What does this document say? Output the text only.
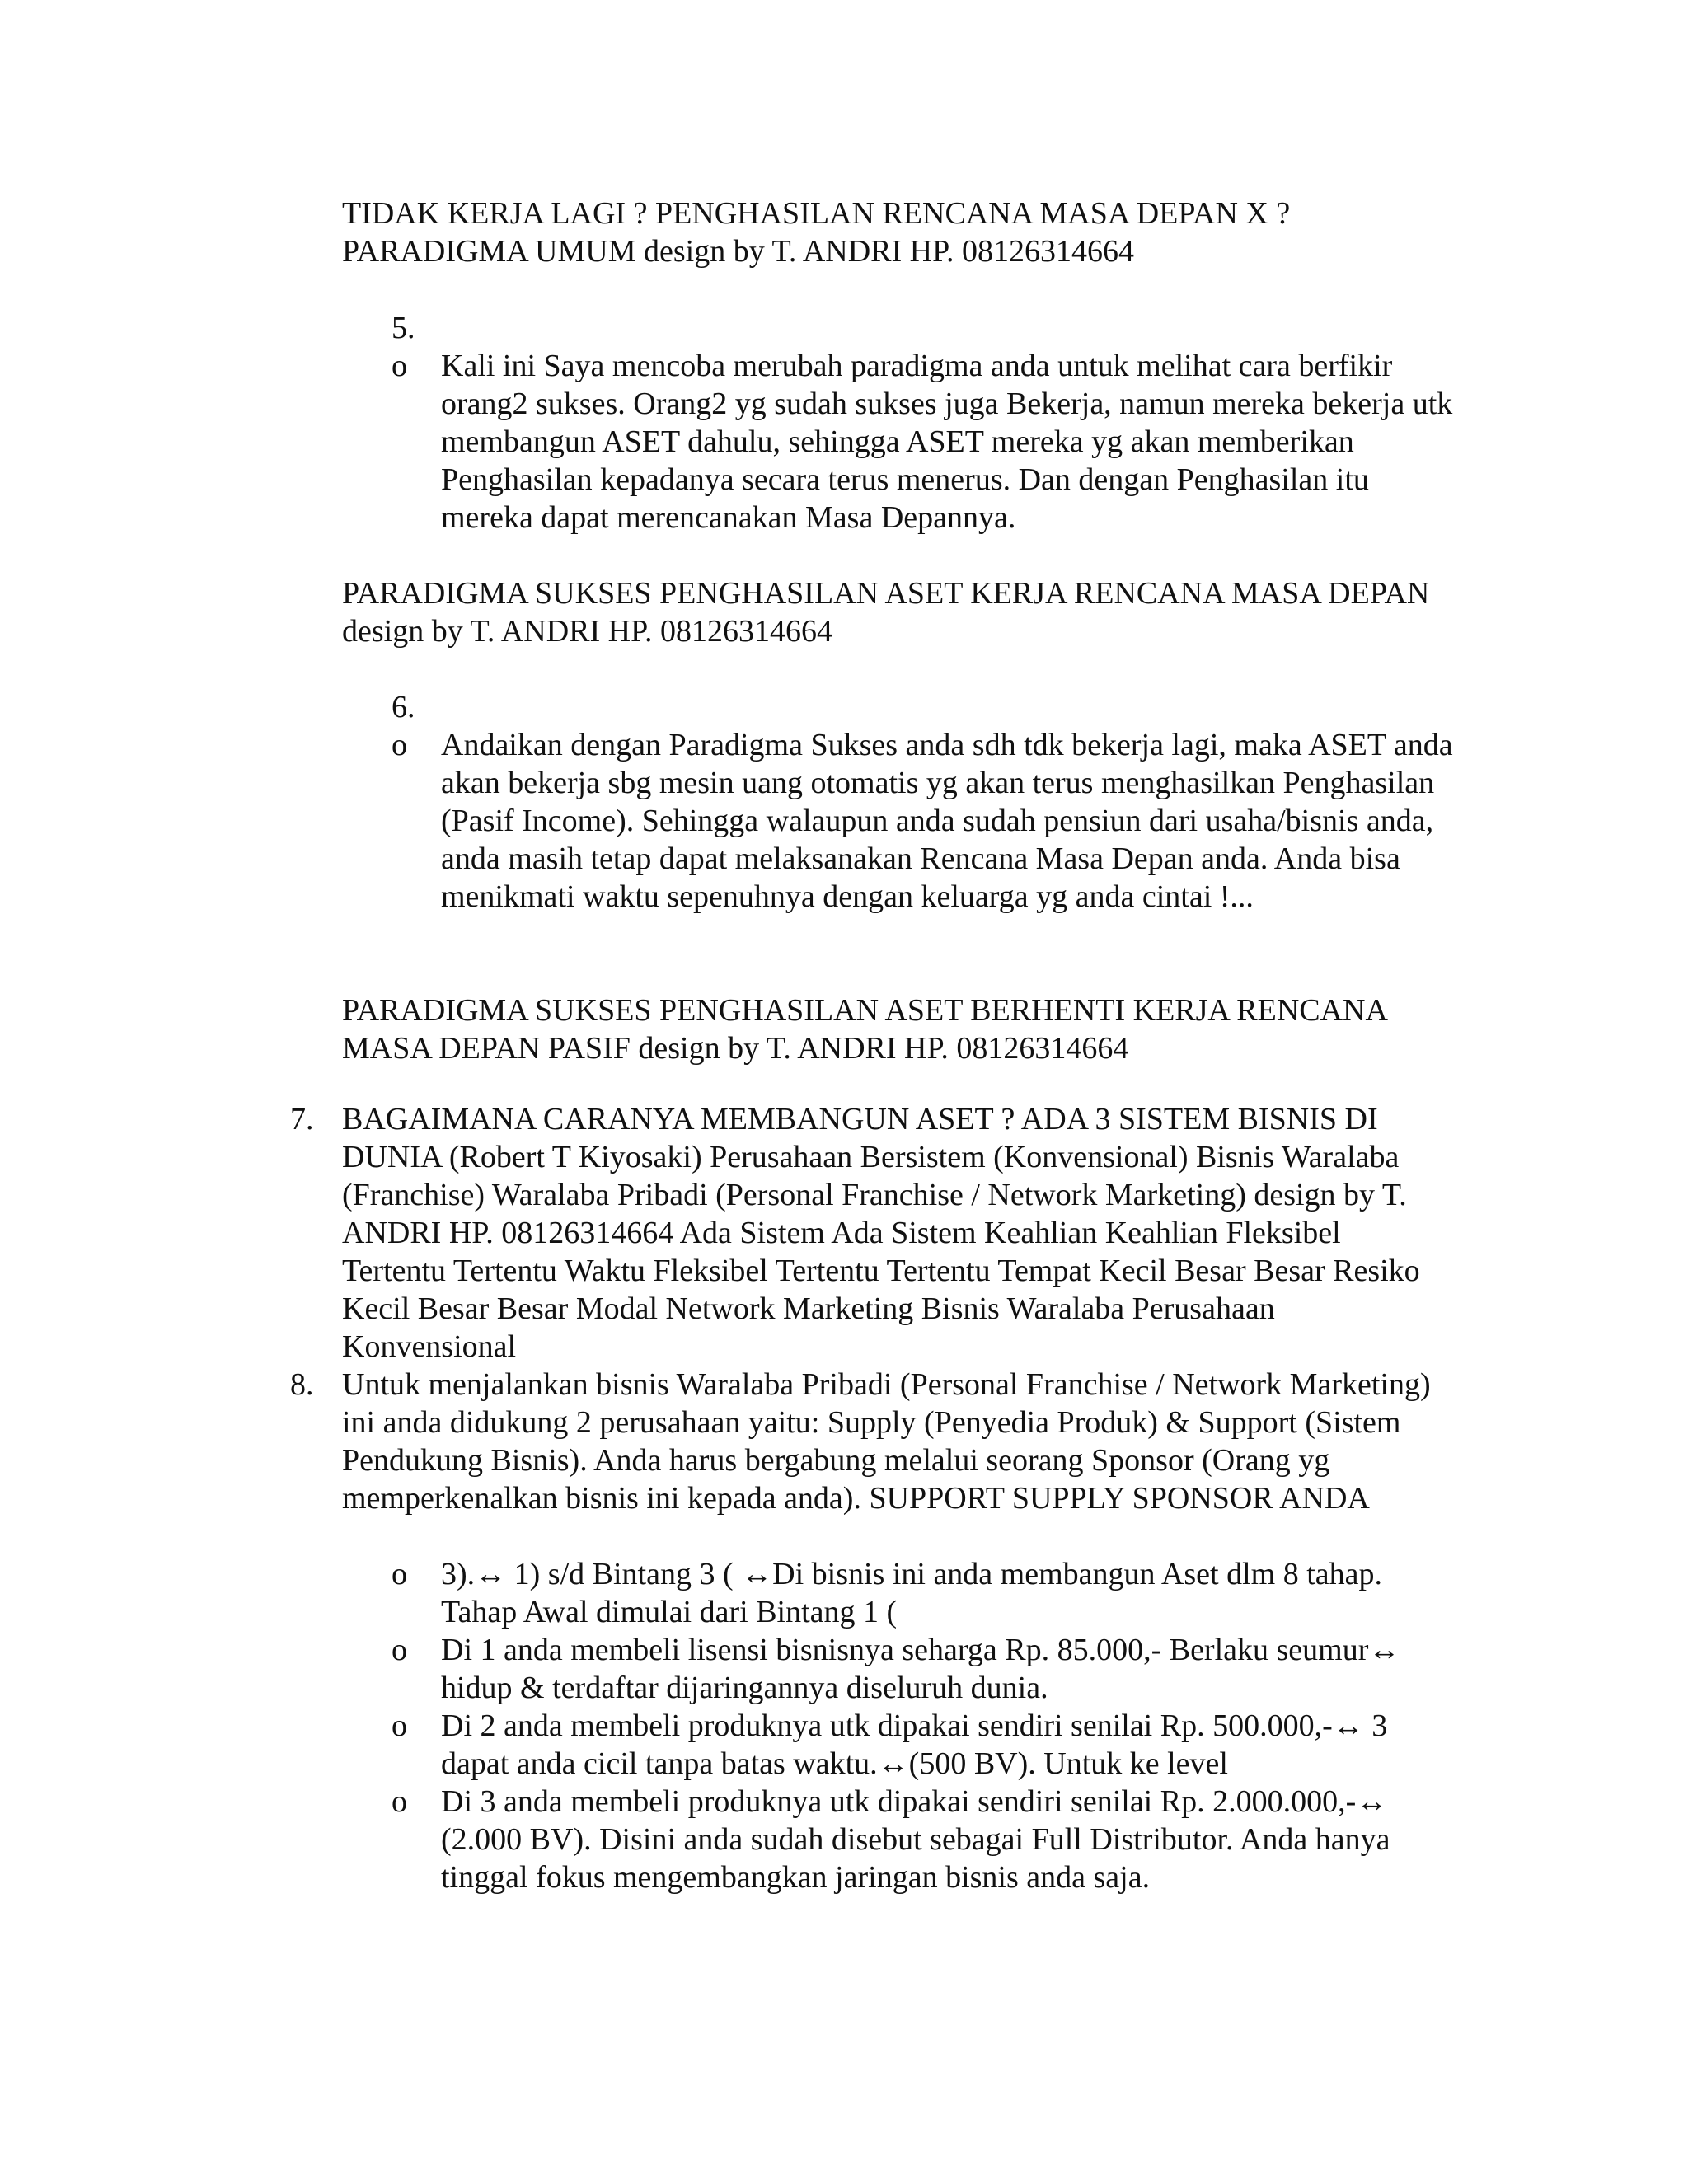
TIDAK KERJA LAGI ? PENGHASILAN RENCANA MASA DEPAN X ? PARADIGMA UMUM design by T. ANDRI HP. 08126314664

5.

o	Kali ini Saya mencoba merubah paradigma anda untuk melihat cara berfikir orang2 sukses. Orang2 yg sudah sukses juga Bekerja, namun mereka bekerja utk membangun ASET dahulu, sehingga ASET mereka yg akan memberikan Penghasilan kepadanya secara terus menerus. Dan dengan Penghasilan itu mereka dapat merencanakan Masa Depannya.

PARADIGMA SUKSES PENGHASILAN ASET KERJA RENCANA MASA DEPAN design by T. ANDRI HP. 08126314664

6.

o	Andaikan dengan Paradigma Sukses anda sdh tdk bekerja lagi, maka ASET anda akan bekerja sbg mesin uang otomatis yg akan terus menghasilkan Penghasilan (Pasif Income). Sehingga walaupun anda sudah pensiun dari usaha/bisnis anda, anda masih tetap dapat melaksanakan Rencana Masa Depan anda. Anda bisa menikmati waktu sepenuhnya dengan keluarga yg anda cintai !...

PARADIGMA SUKSES PENGHASILAN ASET BERHENTI KERJA RENCANA MASA DEPAN PASIF design by T. ANDRI HP. 08126314664

7. BAGAIMANA CARANYA MEMBANGUN ASET ? ADA 3 SISTEM BISNIS DI DUNIA (Robert T Kiyosaki) Perusahaan Bersistem (Konvensional) Bisnis Waralaba (Franchise) Waralaba Pribadi (Personal Franchise / Network Marketing) design by T. ANDRI HP. 08126314664 Ada Sistem Ada Sistem Keahlian Keahlian Fleksibel Tertentu Tertentu Waktu Fleksibel Tertentu Tertentu Tempat Kecil Besar Besar Resiko Kecil Besar Besar Modal Network Marketing Bisnis Waralaba Perusahaan Konvensional

8. Untuk menjalankan bisnis Waralaba Pribadi (Personal Franchise / Network Marketing) ini anda didukung 2 perusahaan yaitu: Supply (Penyedia Produk) & Support (Sistem Pendukung Bisnis). Anda harus bergabung melalui seorang Sponsor (Orang yg memperkenalkan bisnis ini kepada anda). SUPPORT SUPPLY SPONSOR ANDA

o	3).↔ 1) s/d Bintang 3 ( ↔Di bisnis ini anda membangun Aset dlm 8 tahap. Tahap Awal dimulai dari Bintang 1 (

o	Di 1 anda membeli lisensi bisnisnya seharga Rp. 85.000,- Berlaku seumur↔ hidup & terdaftar dijaringannya diseluruh dunia.

o	Di 2 anda membeli produknya utk dipakai sendiri senilai Rp. 500.000,-↔ 3 dapat anda cicil tanpa batas waktu.↔(500 BV). Untuk ke level

o	Di 3 anda membeli produknya utk dipakai sendiri senilai Rp. 2.000.000,-↔ (2.000 BV). Disini anda sudah disebut sebagai Full Distributor. Anda hanya tinggal fokus mengembangkan jaringan bisnis anda saja.
